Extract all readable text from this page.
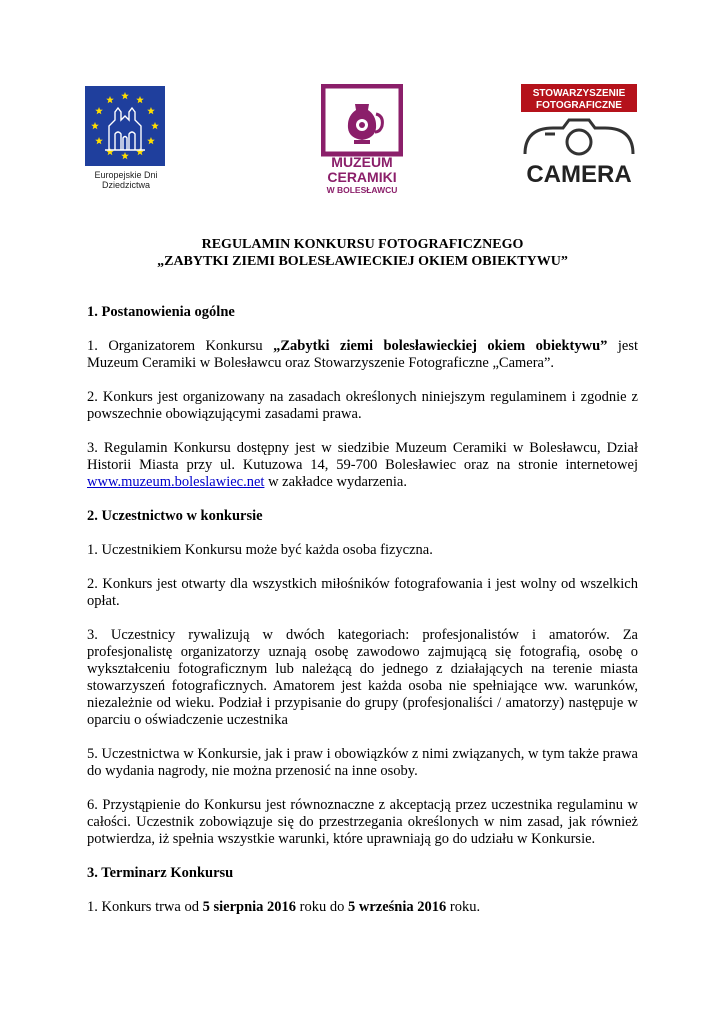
Europejskie Dni
Dziedzictwa
MUZEUM
CERAMIKI
W BOLESŁAWCU
STOWARZYSZENIE
FOTOGRAFICZNE
CAMERA
REGULAMIN KONKURSU FOTOGRAFICZNEGO
„ZABYTKI ZIEMI BOLESŁAWIECKIEJ OKIEM OBIEKTYWU”
1. Postanowienia ogólne

1. Organizatorem Konkursu „Zabytki ziemi bolesławieckiej okiem obiektywu” jest Muzeum Ceramiki w Bolesławcu oraz Stowarzyszenie Fotograficzne „Camera”.

2. Konkurs jest organizowany na zasadach określonych niniejszym regulaminem i zgodnie z powszechnie obowiązującymi zasadami prawa.

3. Regulamin Konkursu dostępny jest w siedzibie Muzeum Ceramiki w Bolesławcu, Dział Historii Miasta przy ul. Kutuzowa 14, 59-700 Bolesławiec oraz na stronie internetowej www.muzeum.boleslawiec.net w zakładce wydarzenia.

2. Uczestnictwo w konkursie

1. Uczestnikiem Konkursu może być każda osoba fizyczna.

2. Konkurs jest otwarty dla wszystkich miłośników fotografowania i jest wolny od wszelkich opłat.

3. Uczestnicy rywalizują w dwóch kategoriach: profesjonalistów i amatorów. Za profesjonalistę organizatorzy uznają osobę zawodowo zajmującą się fotografią, osobę o wykształceniu fotograficznym lub należącą do jednego z działających na terenie miasta stowarzyszeń fotograficznych. Amatorem jest każda osoba nie spełniające ww. warunków, niezależnie od wieku. Podział i przypisanie do grupy (profesjonaliści / amatorzy) następuje w oparciu o oświadczenie uczestnika

5. Uczestnictwa w Konkursie, jak i praw i obowiązków z nimi związanych, w tym także prawa do wydania nagrody, nie można przenosić na inne osoby.

6. Przystąpienie do Konkursu jest równoznaczne z akceptacją przez uczestnika regulaminu w całości. Uczestnik zobowiązuje się do przestrzegania określonych w nim zasad, jak również potwierdza, iż spełnia wszystkie warunki, które uprawniają go do udziału w Konkursie.

3. Terminarz Konkursu

1. Konkurs trwa od 5 sierpnia 2016 roku do 5 września 2016 roku.
